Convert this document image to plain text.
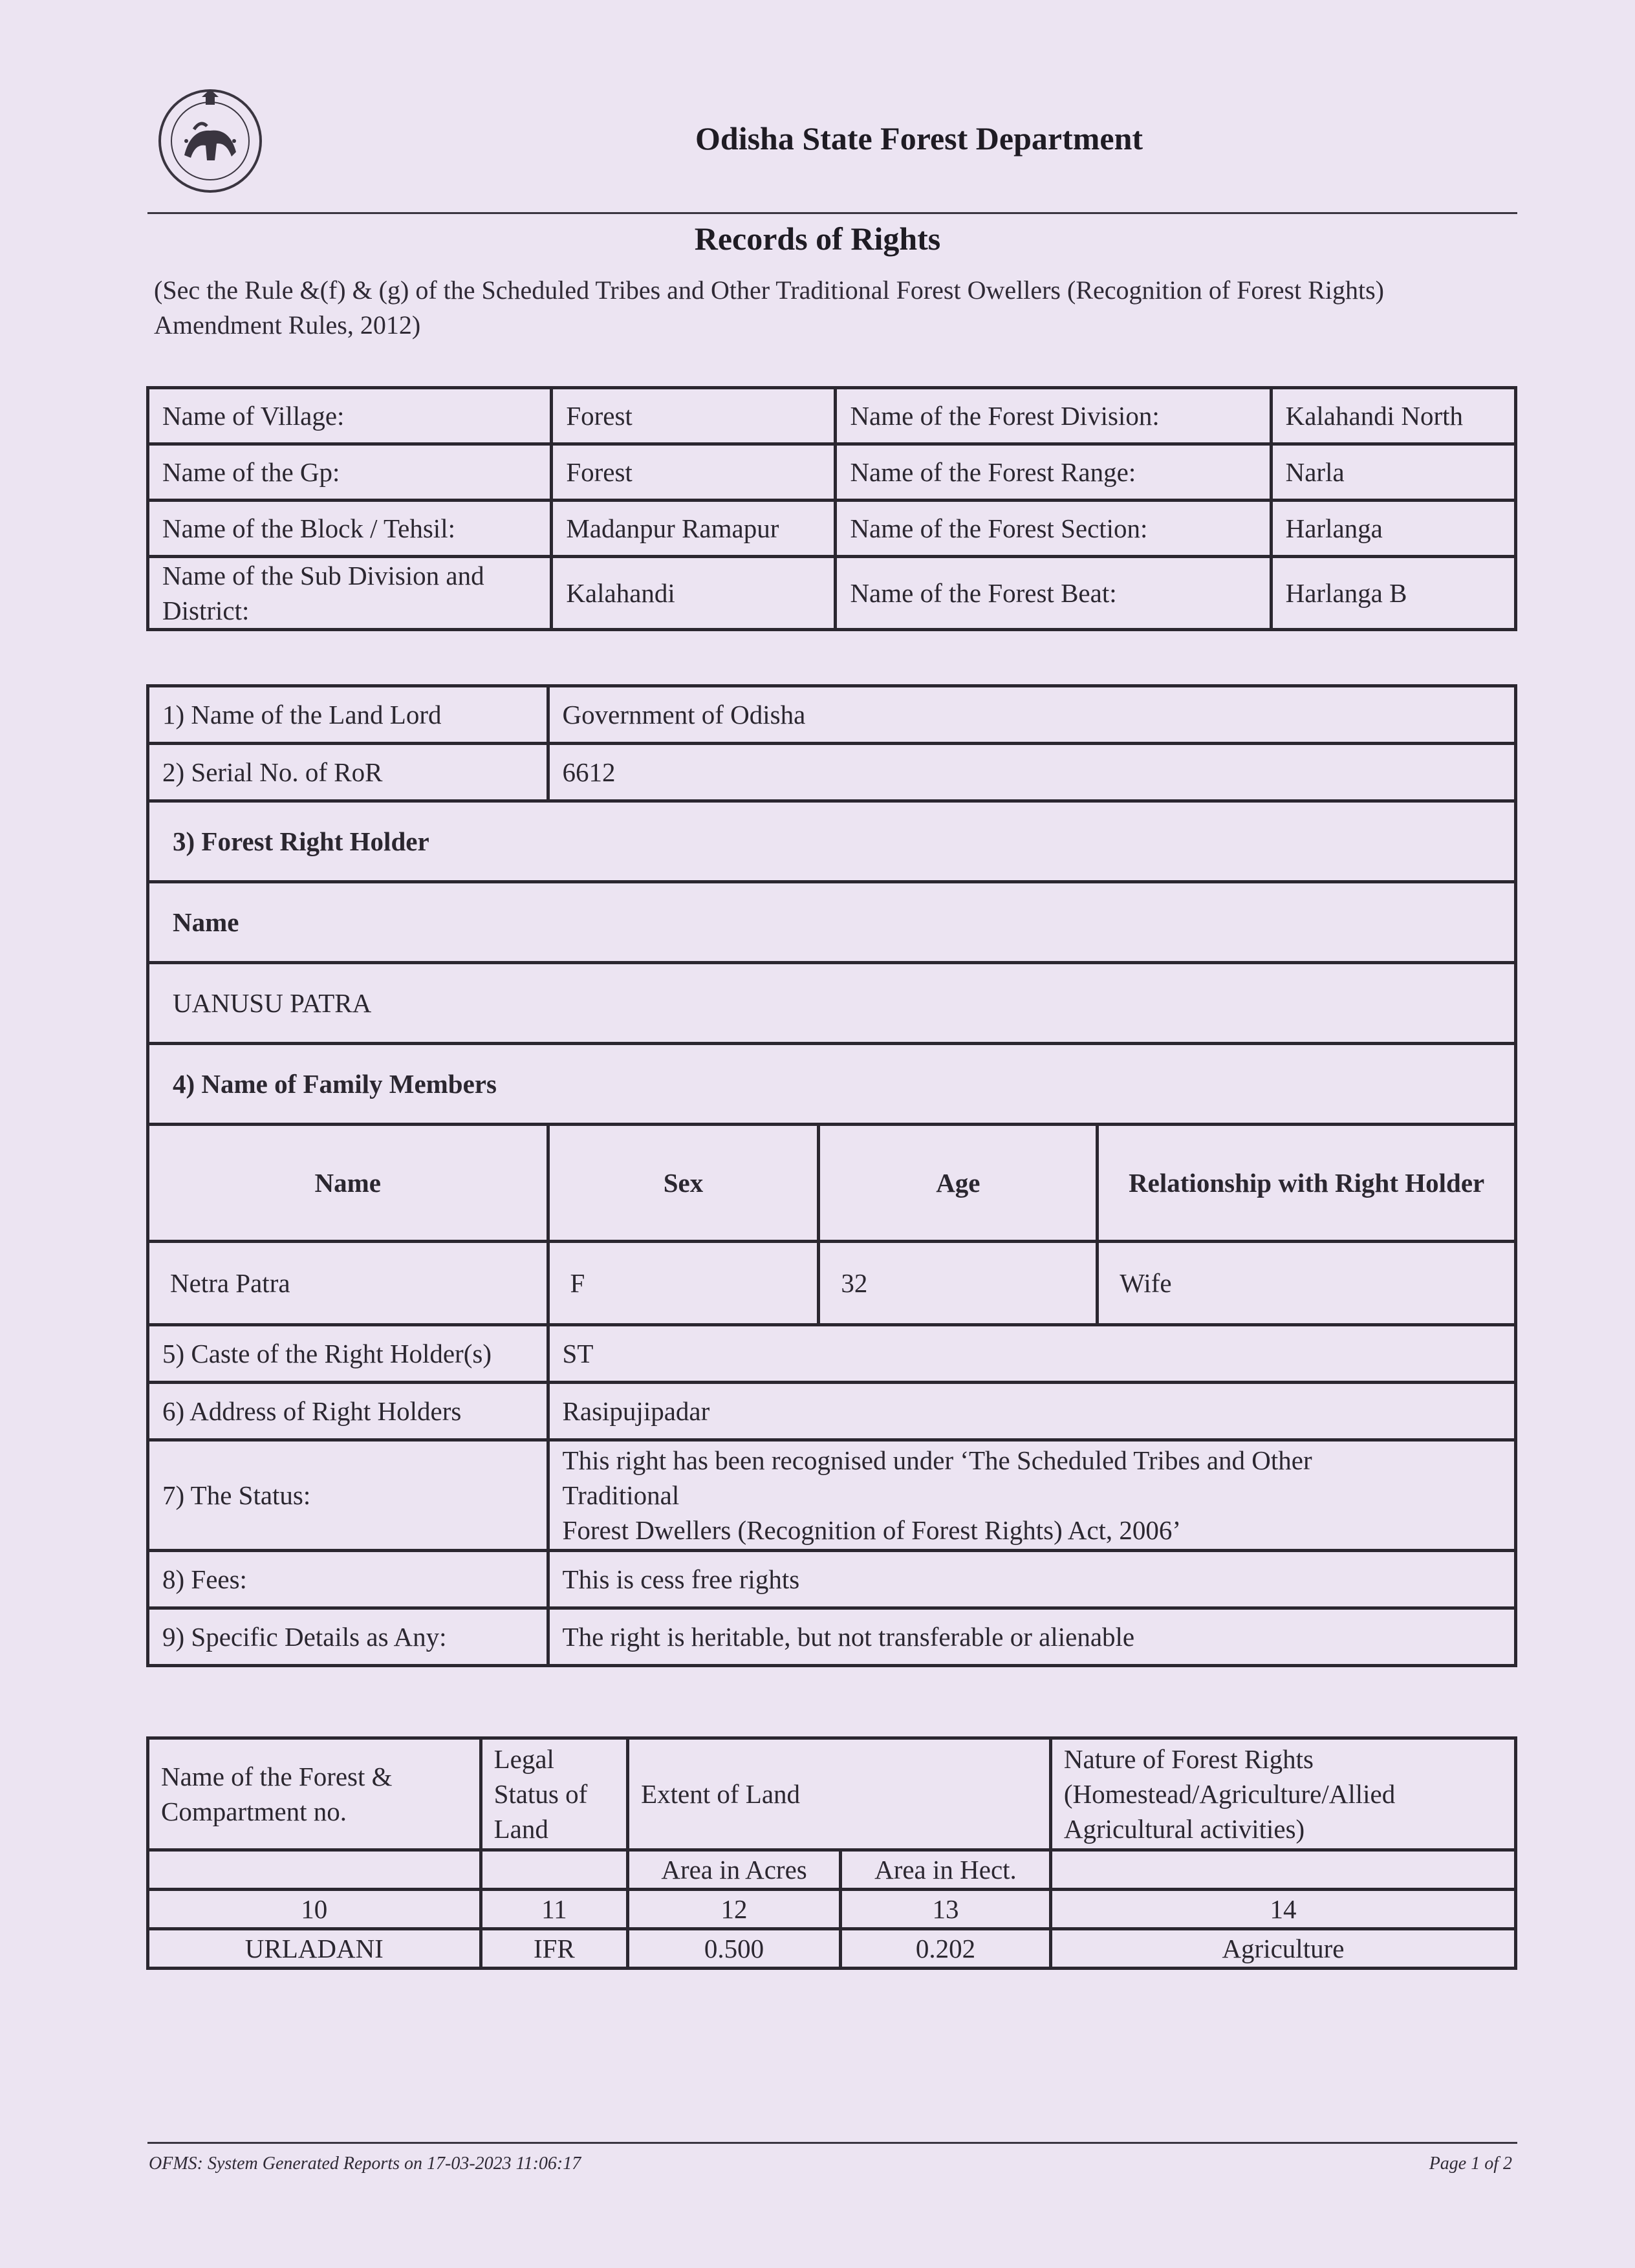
Odisha State Forest Department
Records of Rights
(Sec the Rule &(f) & (g) of the Scheduled Tribes and Other Traditional Forest Owellers (Recognition of Forest Rights) Amendment Rules, 2012)
Name of Village:	Forest	Name of the Forest Division:	Kalahandi North
Name of the Gp:	Forest	Name of the Forest Range:	Narla
Name of the Block / Tehsil:	Madanpur Ramapur	Name of the Forest Section:	Harlanga
Name of the Sub Division and District:	Kalahandi	Name of the Forest Beat:	Harlanga B
1) Name of the Land Lord	Government of Odisha		
2) Serial No. of RoR	6612		
3) Forest Right Holder			
Name			
UANUSU PATRA			
4) Name of Family Members			
Name	Sex	Age	Relationship with Right Holder
Netra Patra	F	32	Wife
5) Caste of the Right Holder(s)	ST		
6) Address of Right Holders	Rasipujipadar		
7) The Status:	This right has been recognised under ‘The Scheduled Tribes and Other
Traditional
Forest Dwellers (Recognition of Forest Rights) Act, 2006’		

8) Fees:	This is cess free rights		
9) Specific Details as Any:	The right is heritable, but not transferable or alienable		
Name of the Forest & Compartment no.	Legal Status of Land	Extent of Land		Nature of Forest Rights (Homestead/Agriculture/Allied Agricultural activities)
		Area in Acres	Area in Hect.	
10	11	12	13	14
URLADANI	IFR	0.500	0.202	Agriculture
OFMS: System Generated Reports on 17-03-2023 11:06:17	Page 1 of 2
